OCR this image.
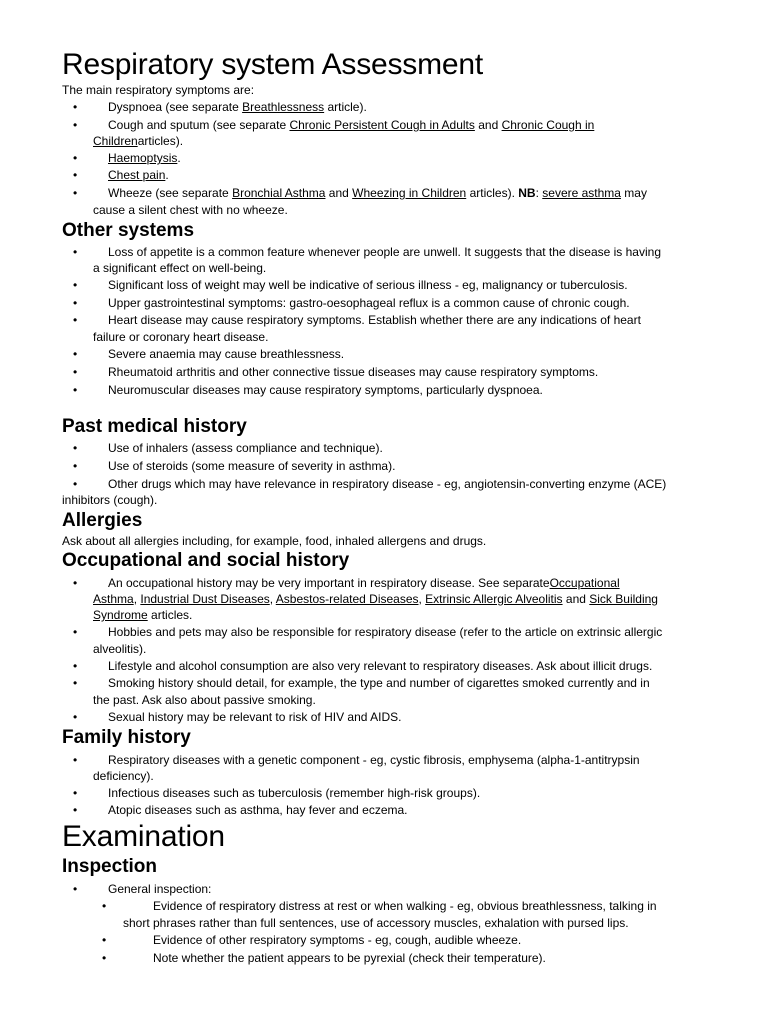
Respiratory system Assessment
The main respiratory symptoms are:
•	Dyspnoea (see separate Breathlessness article).
•	Cough and sputum (see separate Chronic Persistent Cough in Adults and Chronic Cough in
Childrenarticles).
•	Haemoptysis.
•	Chest pain.
•	Wheeze (see separate Bronchial Asthma and Wheezing in Children articles). NB: severe asthma may
cause a silent chest with no wheeze.
Other systems
•	Loss of appetite is a common feature whenever people are unwell. It suggests that the disease is having
a significant effect on well-being.
•	Significant loss of weight may well be indicative of serious illness - eg, malignancy or tuberculosis.
•	Upper gastrointestinal symptoms: gastro-oesophageal reflux is a common cause of chronic cough.
•	Heart disease may cause respiratory symptoms. Establish whether there are any indications of heart
failure or coronary heart disease.
•	Severe anaemia may cause breathlessness.
•	Rheumatoid arthritis and other connective tissue diseases may cause respiratory symptoms.
•	Neuromuscular diseases may cause respiratory symptoms, particularly dyspnoea.
Past medical history
•	Use of inhalers (assess compliance and technique).
•	Use of steroids (some measure of severity in asthma).
•	Other drugs which may have relevance in respiratory disease - eg, angiotensin-converting enzyme (ACE)
inhibitors (cough).
Allergies
Ask about all allergies including, for example, food, inhaled allergens and drugs.
Occupational and social history
•	An occupational history may be very important in respiratory disease. See separateOccupational
Asthma, Industrial Dust Diseases, Asbestos-related Diseases, Extrinsic Allergic Alveolitis and Sick Building
Syndrome articles.
•	Hobbies and pets may also be responsible for respiratory disease (refer to the article on extrinsic allergic
alveolitis).
•	Lifestyle and alcohol consumption are also very relevant to respiratory diseases. Ask about illicit drugs.
•	Smoking history should detail, for example, the type and number of cigarettes smoked currently and in
the past. Ask also about passive smoking.
•	Sexual history may be relevant to risk of HIV and AIDS.
Family history
•	Respiratory diseases with a genetic component - eg, cystic fibrosis, emphysema (alpha-1-antitrypsin
deficiency).
•	Infectious diseases such as tuberculosis (remember high-risk groups).
•	Atopic diseases such as asthma, hay fever and eczema.
Examination
Inspection
•	General inspection:
•	Evidence of respiratory distress at rest or when walking - eg, obvious breathlessness, talking in
short phrases rather than full sentences, use of accessory muscles, exhalation with pursed lips.
•	Evidence of other respiratory symptoms - eg, cough, audible wheeze.
•	Note whether the patient appears to be pyrexial (check their temperature).
